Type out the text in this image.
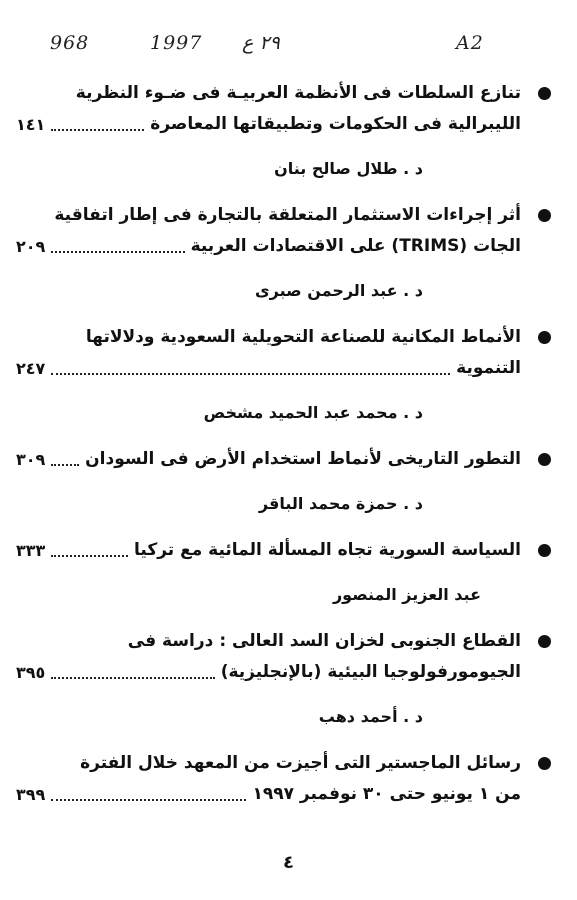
A2
٢٩ ع
1997
968
تنازع السلطات فى الأنظمة العربيـة فى ضـوء النظرية
الليبرالية فى الحكومات وتطبيقاتها المعاصرة
١٤١
د . طلال صالح بنان
أثر إجراءات الاستثمار المتعلقة بالتجارة فى إطار اتفاقية
الجات (TRIMS) على الاقتصادات العربية
٢٠٩
د . عبد الرحمن صبرى
الأنماط المكانية للصناعة التحويلية السعودية ودلالاتها
التنموية
٢٤٧
د . محمد عبد الحميد مشخص
التطور التاريخى لأنماط استخدام الأرض فى السودان
٣٠٩
د . حمزة محمد الباقر
السياسة السورية تجاه المسألة المائية مع تركيا
٣٣٣
عبد العزيز المنصور
القطاع الجنوبى لخزان السد العالى : دراسة فى
الجيومورفولوجيا البيئية (بالإنجليزية)
٣٩٥
د . أحمد دهب
رسائل الماجستير التى أجيزت من المعهد خلال الفترة
من ١ يونيو حتى ٣٠ نوفمبر ١٩٩٧
٣٩٩
٤
